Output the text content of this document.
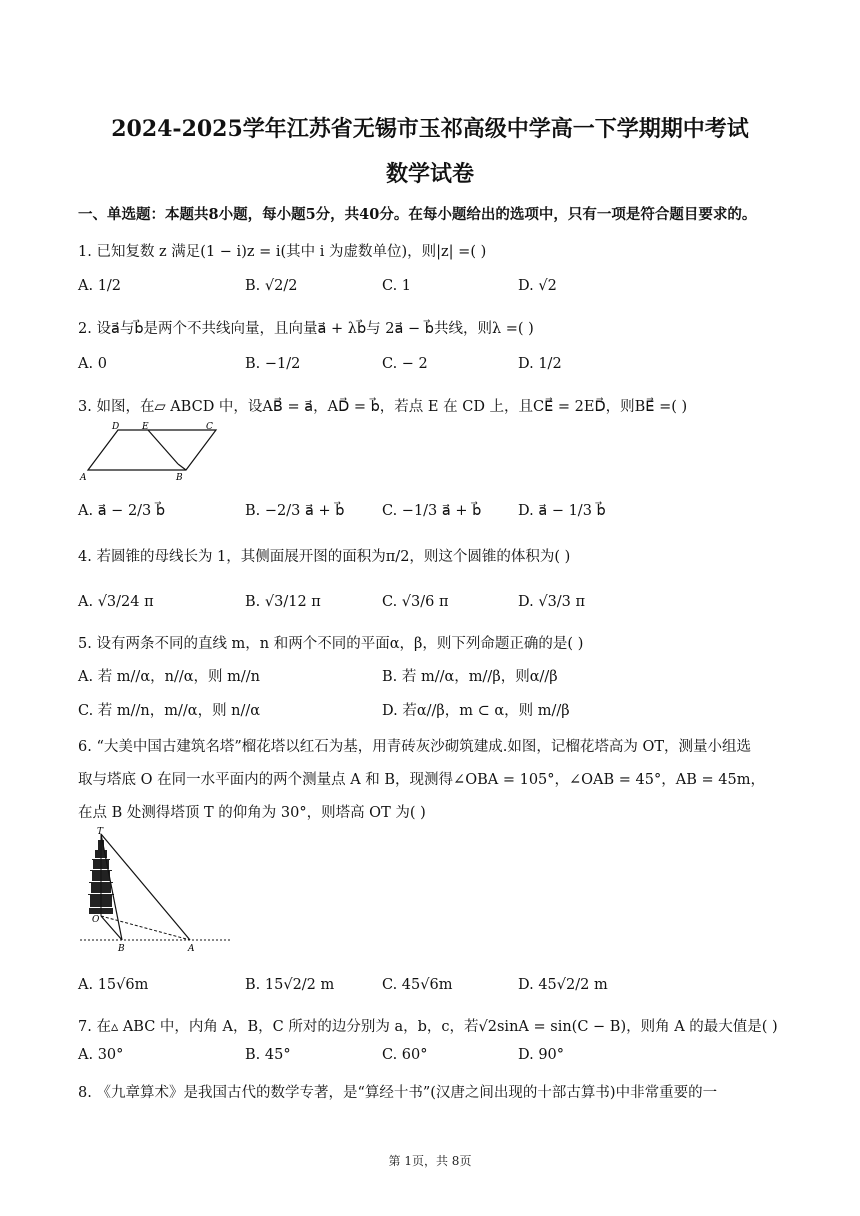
2024-2025学年江苏省无锡市玉祁高级中学高一下学期期中考试
数学试卷
一、单选题：本题共8小题，每小题5分，共40分。在每小题给出的选项中，只有一项是符合题目要求的。
1. 已知复数 z 满足(1 − i)z = i(其中 i 为虚数单位)，则|z| =( )
A. 1/2	B. √2/2	C. 1	D. √2
2. 设a⃗与b⃗是两个不共线向量，且向量a⃗ + λb⃗与 2a⃗ − b⃗共线，则λ =( )
A. 0	B. −1/2	C. − 2	D. 1/2
3. 如图，在▱ ABCD 中，设AB⃗ = a⃗，AD⃗ = b⃗，若点 E 在 CD 上，且CE⃗ = 2ED⃗，则BE⃗ =( )
D	E	C
A	B
A. a⃗ − 2/3 b⃗	B. −2/3 a⃗ + b⃗	C. −1/3 a⃗ + b⃗	D. a⃗ − 1/3 b⃗
4. 若圆锥的母线长为 1，其侧面展开图的面积为π/2，则这个圆锥的体积为( )
A. √3/24 π	B. √3/12 π	C. √3/6 π	D. √3/3 π
5. 设有两条不同的直线 m，n 和两个不同的平面α，β，则下列命题正确的是( )
A. 若 m//α，n//α，则 m//n	B. 若 m//α，m//β，则α//β
C. 若 m//n，m//α，则 n//α	D. 若α//β，m ⊂ α，则 m//β
6. “大美中国古建筑名塔”榴花塔以红石为基，用青砖灰沙砌筑建成.如图，记榴花塔高为 OT，测量小组选
取与塔底 O 在同一水平面内的两个测量点 A 和 B，现测得∠OBA = 105°，∠OAB = 45°，AB = 45m，
在点 B 处测得塔顶 T 的仰角为 30°，则塔高 OT 为( )
T
O
B	A
A. 15√6m	B. 15√2/2 m	C. 45√6m	D. 45√2/2 m
7. 在▵ ABC 中，内角 A，B，C 所对的边分别为 a，b，c，若√2sinA = sin(C − B)，则角 A 的最大值是( )
A. 30°	B. 45°	C. 60°	D. 90°
8. 《九章算术》是我国古代的数学专著，是“算经十书”(汉唐之间出现的十部古算书)中非常重要的一
第 1页，共 8页
